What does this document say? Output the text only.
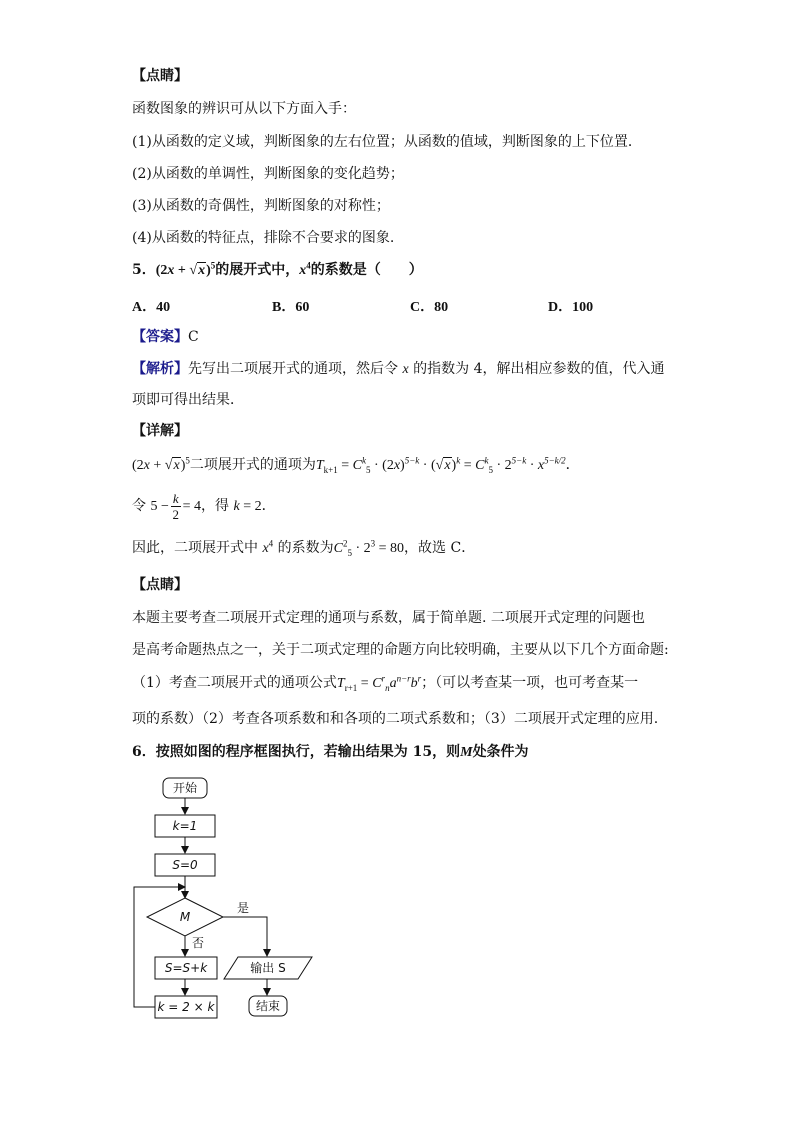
【点睛】
函数图象的辨识可从以下方面入手：
(1)从函数的定义域，判断图象的左右位置；从函数的值域，判断图象的上下位置．
(2)从函数的单调性，判断图象的变化趋势；
(3)从函数的奇偶性，判断图象的对称性；
(4)从函数的特征点，排除不合要求的图象.
5．$(2x + √x)^5$的展开式中，$x^4$的系数是（　　）
A．40	B．60	C．80	D．100
【答案】C
【解析】先写出二项展开式的通项，然后令 x 的指数为 4，解出相应参数的值，代入通
项即可得出结果．
【详解】
$(2x + √x)^5$二项展开式的通项为$T_{k+1} = C^k_5 \cdot (2x)^{5-k} \cdot (√x)^k = C^k_5 \cdot 2^{5-k} \cdot x^{5-k/2}$．
令 $5 - \frac{k}{2} = 4$，得 k = 2．
因此，二项展开式中 $x^4$ 的系数为$C^2_5 \cdot 2^3 = 80$，故选 C．
【点睛】
本题主要考查二项展开式定理的通项与系数，属于简单题. 二项展开式定理的问题也
是高考命题热点之一，关于二项式定理的命题方向比较明确，主要从以下几个方面命题:
（1）考查二项展开式的通项公式$T_{r+1} = C^r_na^{n-r}b^r$；（可以考查某一项，也可考查某一
项的系数）（2）考查各项系数和和各项的二项式系数和；（3）二项展开式定理的应用.
6．按照如图的程序框图执行，若输出结果为 15，则M处条件为
开始
k=1
S=0
M
是
否
S=S+k
k = 2 × k
输出 S
结束
